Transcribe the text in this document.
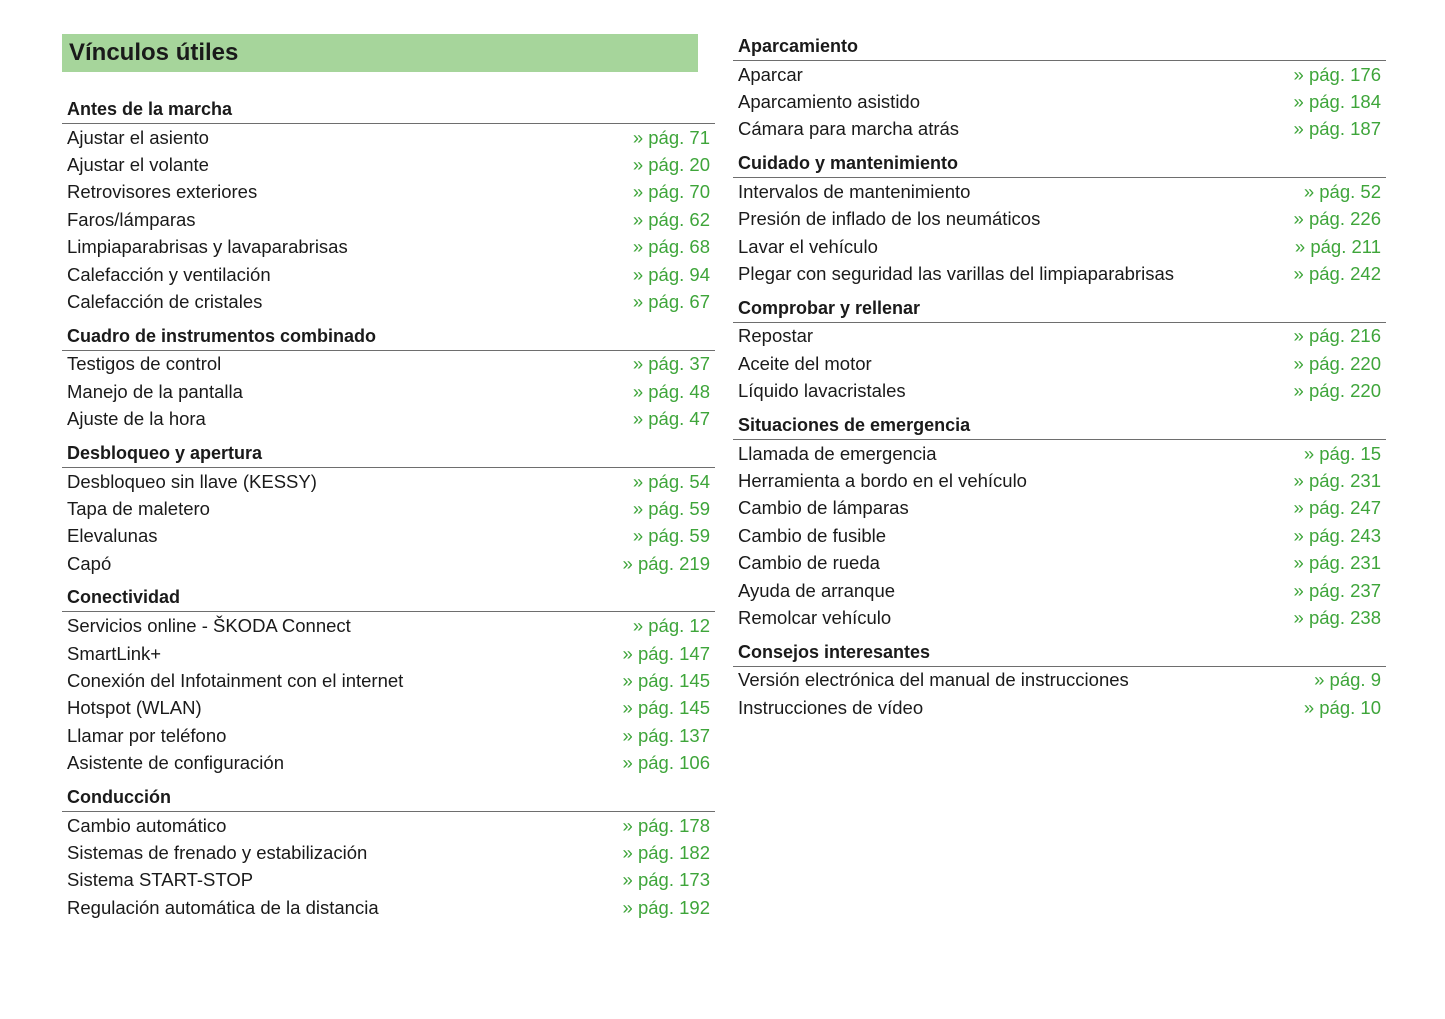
Vínculos útiles
Antes de la marcha
Ajustar el asiento	» pág. 71
Ajustar el volante	» pág. 20
Retrovisores exteriores	» pág. 70
Faros/lámparas	» pág. 62
Limpiaparabrisas y lavaparabrisas	» pág. 68
Calefacción y ventilación	» pág. 94
Calefacción de cristales	» pág. 67
Cuadro de instrumentos combinado
Testigos de control	» pág. 37
Manejo de la pantalla	» pág. 48
Ajuste de la hora	» pág. 47
Desbloqueo y apertura
Desbloqueo sin llave (KESSY)	» pág. 54
Tapa de maletero	» pág. 59
Elevalunas	» pág. 59
Capó	» pág. 219
Conectividad
Servicios online - ŠKODA Connect	» pág. 12
SmartLink+	» pág. 147
Conexión del Infotainment con el internet	» pág. 145
Hotspot (WLAN)	» pág. 145
Llamar por teléfono	» pág. 137
Asistente de configuración	» pág. 106
Conducción
Cambio automático	» pág. 178
Sistemas de frenado y estabilización	» pág. 182
Sistema START-STOP	» pág. 173
Regulación automática de la distancia	» pág. 192
Aparcamiento
Aparcar	» pág. 176
Aparcamiento asistido	» pág. 184
Cámara para marcha atrás	» pág. 187
Cuidado y mantenimiento
Intervalos de mantenimiento	» pág. 52
Presión de inflado de los neumáticos	» pág. 226
Lavar el vehículo	» pág. 211
Plegar con seguridad las varillas del limpiaparabrisas	» pág. 242
Comprobar y rellenar
Repostar	» pág. 216
Aceite del motor	» pág. 220
Líquido lavacristales	» pág. 220
Situaciones de emergencia
Llamada de emergencia	» pág. 15
Herramienta a bordo en el vehículo	» pág. 231
Cambio de lámparas	» pág. 247
Cambio de fusible	» pág. 243
Cambio de rueda	» pág. 231
Ayuda de arranque	» pág. 237
Remolcar vehículo	» pág. 238
Consejos interesantes
Versión electrónica del manual de instrucciones	» pág. 9
Instrucciones de vídeo	» pág. 10
